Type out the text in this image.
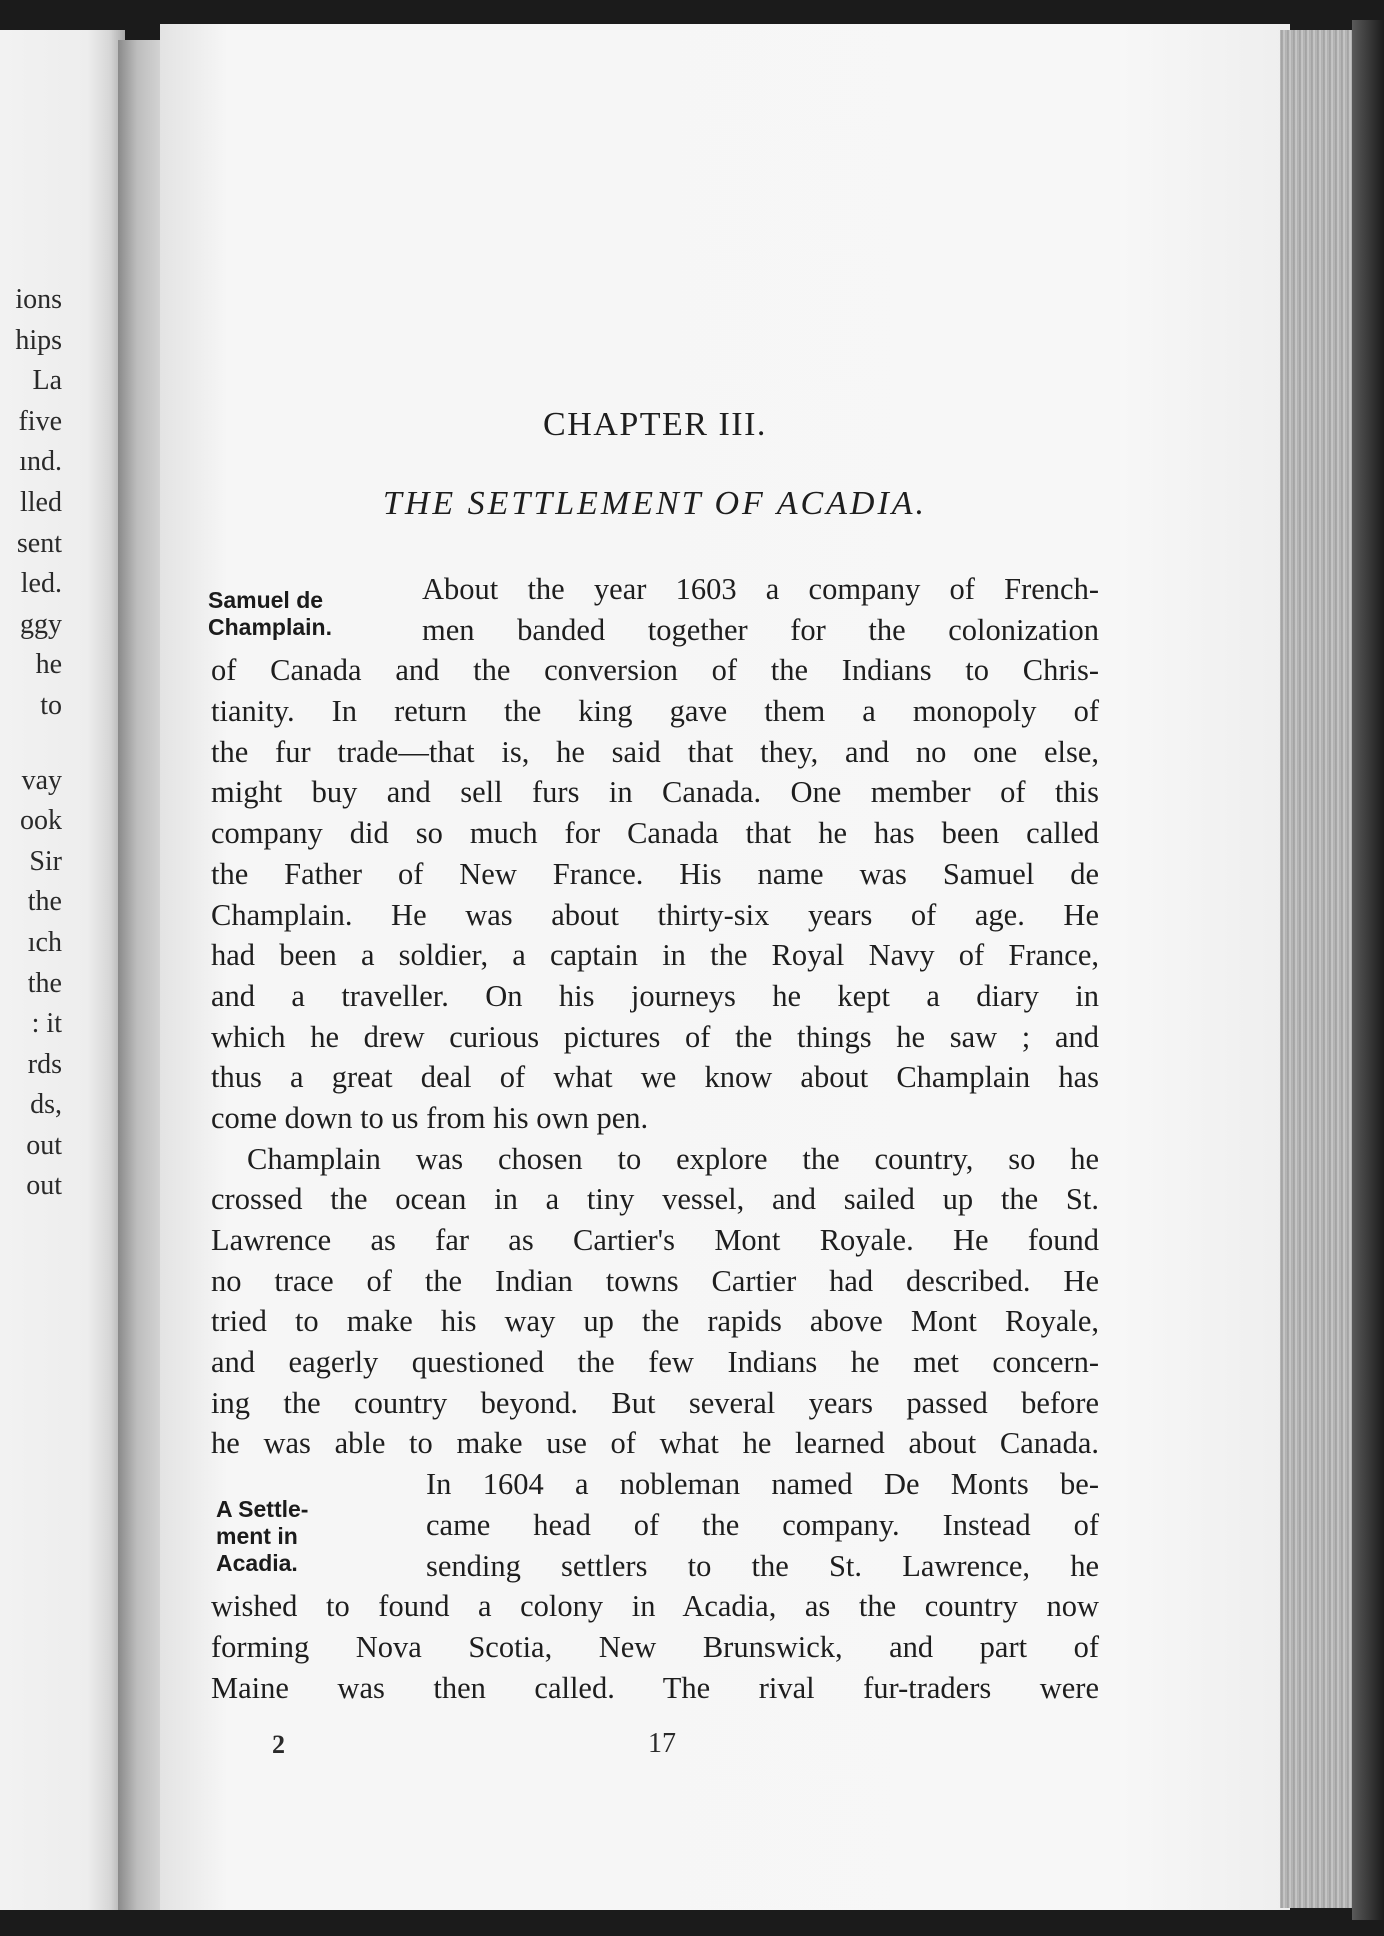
ions
hips
La
five
ınd.
lled
sent
led.
ggy
he
to
vay
ook
Sir
the
ıch
the
: it
rds
ds,
out
out
CHAPTER III.
THE SETTLEMENT OF ACADIA.
Samuel de
Champlain.
A Settle-
ment in
Acadia.
About the year 1603 a company of French-
men banded together for the colonization
of Canada and the conversion of the Indians to Chris-
tianity. In return the king gave them a monopoly of
the fur trade—that is, he said that they, and no one else,
might buy and sell furs in Canada. One member of this
company did so much for Canada that he has been called
the Father of New France. His name was Samuel de
Champlain. He was about thirty-six years of age. He
had been a soldier, a captain in the Royal Navy of France,
and a traveller. On his journeys he kept a diary in
which he drew curious pictures of the things he saw ; and
thus a great deal of what we know about Champlain has
come down to us from his own pen.
Champlain was chosen to explore the country, so he
crossed the ocean in a tiny vessel, and sailed up the St.
Lawrence as far as Cartier's Mont Royale. He found
no trace of the Indian towns Cartier had described. He
tried to make his way up the rapids above Mont Royale,
and eagerly questioned the few Indians he met concern-
ing the country beyond. But several years passed before
he was able to make use of what he learned about Canada.
In 1604 a nobleman named De Monts be-
came head of the company. Instead of
sending settlers to the St. Lawrence, he
wished to found a colony in Acadia, as the country now
forming Nova Scotia, New Brunswick, and part of
Maine was then called. The rival fur-traders were
2	17
